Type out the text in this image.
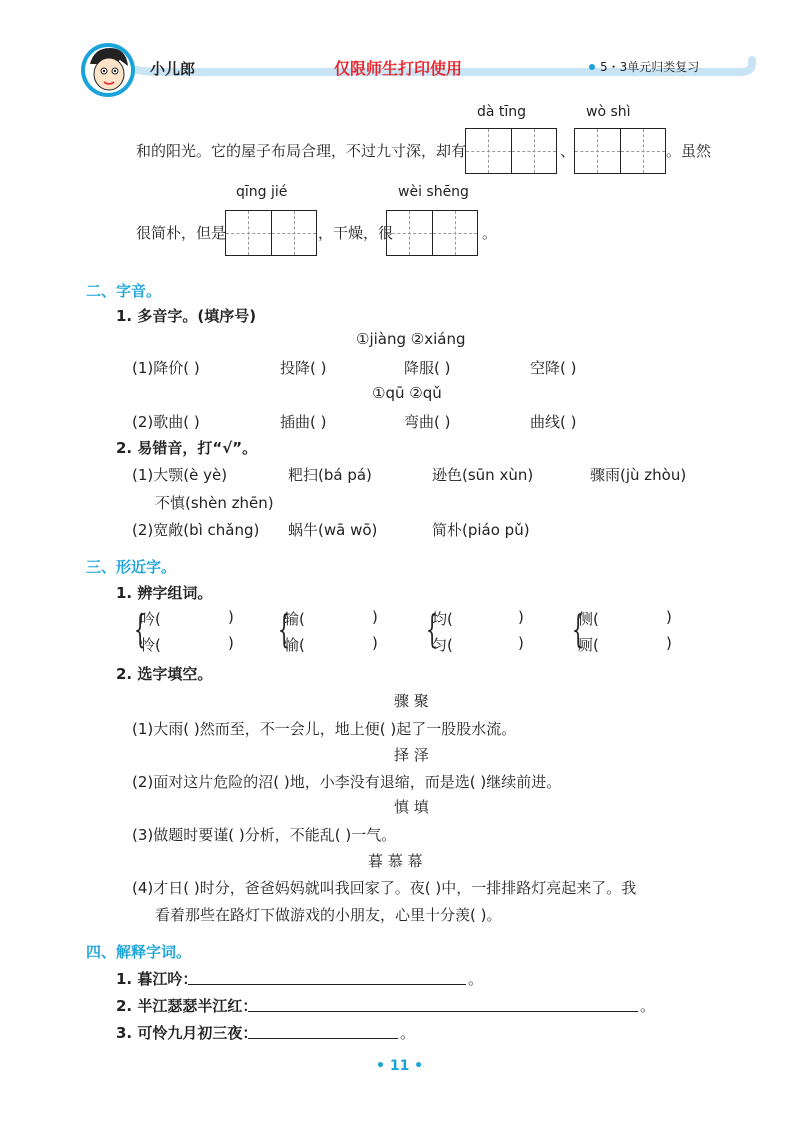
小儿郎	仅限师生打印使用	5・3单元归类复习
dà tīng	wò shì
和的阳光。它的屋子布局合理，不过九寸深，却有	、	。虽然
qīng jié	wèi shēng
很简朴，但是	，干燥，很	。
二、字音。
1. 多音字。(填序号)
①jiàng ②xiáng
(1)降价( )	投降( )	降服( )	空降( )
①qū ②qǔ
(2)歌曲( )	插曲( )	弯曲( )	曲线( )
2. 易错音，打“√”。
(1)大颚(è yè)	粑扫(bá pá)	逊色(sūn xùn)	骤雨(jù zhòu)
不慎(shèn zhēn)
(2)宽敞(bì chǎng) 蜗牛(wā wō)	简朴(piáo pǔ)
三、形近字。
1. 辨字组词。
{
吟(	)
怜(	) {
输(	)
愉(	) {
均(	)
匀(	) {
侧(	)
厕(	)
2. 选字填空。
骤 聚
(1)大雨( )然而至，不一会儿，地上便( )起了一股股水流。
择 泽
(2)面对这片危险的沼( )地，小李没有退缩，而是选( )继续前进。
慎 填
(3)做题时要谨( )分析，不能乱( )一气。
暮 慕 幕
(4)才日( )时分，爸爸妈妈就叫我回家了。夜( )中，一排排路灯亮起来了。我
看着那些在路灯下做游戏的小朋友，心里十分羡( )。
四、解释字词。
1. 暮江吟：	。
2. 半江瑟瑟半江红：	。
3. 可怜九月初三夜：	。
• 11 •
